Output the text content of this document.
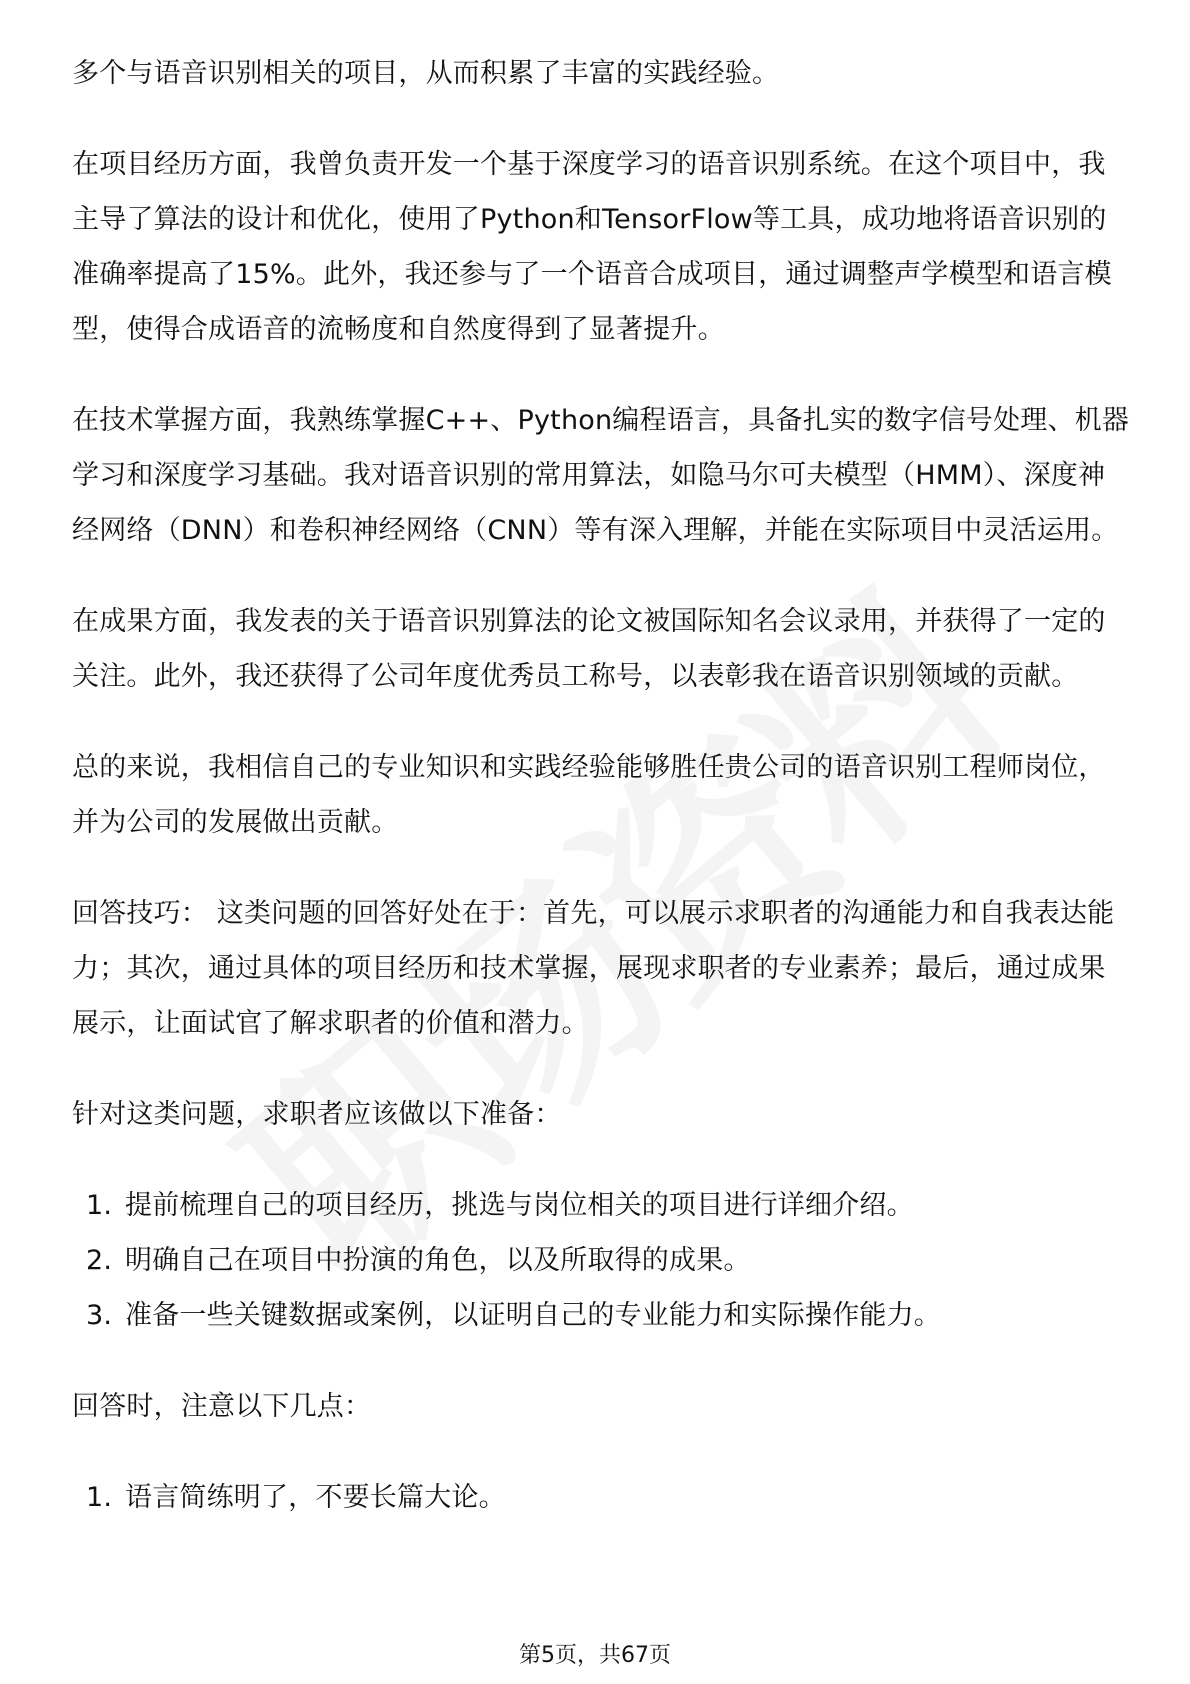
多个与语音识别相关的项目，从而积累了丰富的实践经验。

在项目经历方面，我曾负责开发一个基于深度学习的语音识别系统。在这个项目中，我主导了算法的设计和优化，使用了Python和TensorFlow等工具，成功地将语音识别的准确率提高了15%。此外，我还参与了一个语音合成项目，通过调整声学模型和语言模型，使得合成语音的流畅度和自然度得到了显著提升。

在技术掌握方面，我熟练掌握C++、Python编程语言，具备扎实的数字信号处理、机器学习和深度学习基础。我对语音识别的常用算法，如隐马尔可夫模型（HMM）、深度神经网络（DNN）和卷积神经网络（CNN）等有深入理解，并能在实际项目中灵活运用。

在成果方面，我发表的关于语音识别算法的论文被国际知名会议录用，并获得了一定的关注。此外，我还获得了公司年度优秀员工称号，以表彰我在语音识别领域的贡献。

总的来说，我相信自己的专业知识和实践经验能够胜任贵公司的语音识别工程师岗位，并为公司的发展做出贡献。

回答技巧： 这类问题的回答好处在于：首先，可以展示求职者的沟通能力和自我表达能力；其次，通过具体的项目经历和技术掌握，展现求职者的专业素养；最后，通过成果展示，让面试官了解求职者的价值和潜力。

针对这类问题，求职者应该做以下准备：

1. 提前梳理自己的项目经历，挑选与岗位相关的项目进行详细介绍。
2. 明确自己在项目中扮演的角色，以及所取得的成果。
3. 准备一些关键数据或案例，以证明自己的专业能力和实际操作能力。

回答时，注意以下几点：

1. 语言简练明了，不要长篇大论。
第5页，共67页
